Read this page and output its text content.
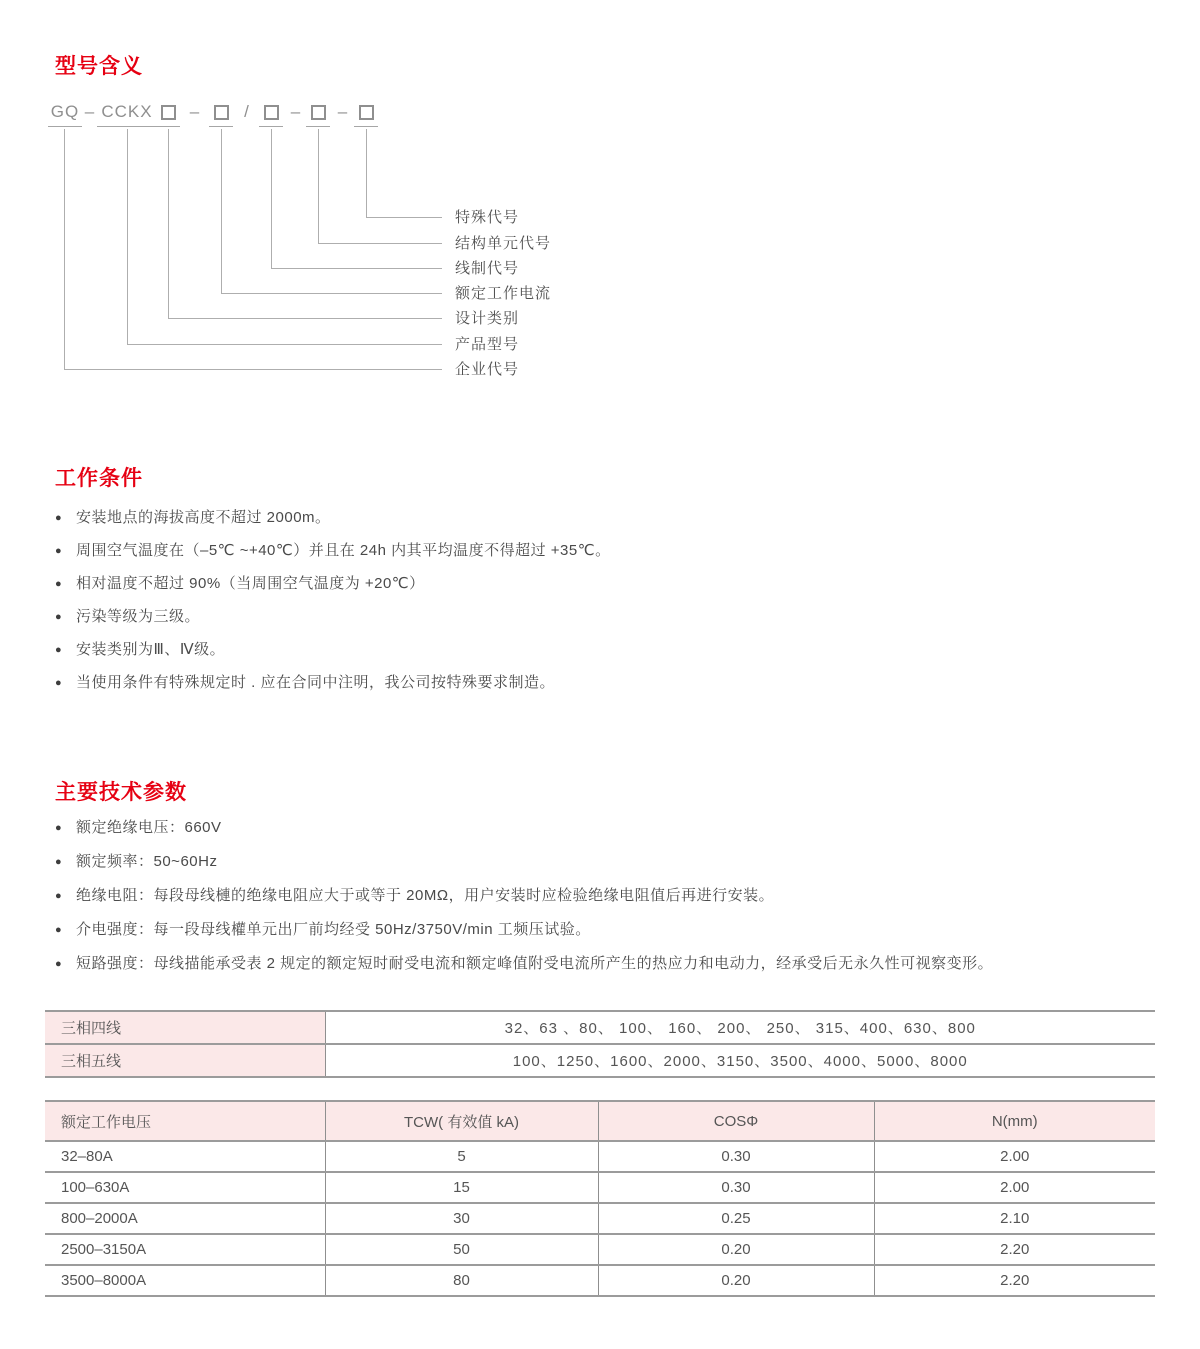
型号含义
GQ – CCKX –	/ – –
特殊代号
结构单元代号
线制代号
额定工作电流
设计类别
产品型号
企业代号
工作条件
● 安装地点的海拔高度不超过 2000m。
● 周围空气温度在（–5℃ ~+40℃）并且在 24h 内其平均温度不得超过 +35℃。
● 相对温度不超过 90%（当周围空气温度为 +20℃）
● 污染等级为三级。
● 安装类别为Ⅲ、Ⅳ级。
● 当使用条件有特殊规定时 . 应在合同中注明，我公司按特殊要求制造。
主要技术参数
● 额定绝缘电压：660V
● 额定频率：50~60Hz
● 绝缘电阻：每段母线槤的绝缘电阻应大于或等于 20MΩ，用户安装时应检验绝缘电阻值后再进行安装。
● 介电强度：每一段母线權单元出厂前均经受 50Hz/3750V/min 工频压试验。
● 短路强度：母线描能承受表 2 规定的额定短时耐受电流和额定峰值附受电流所产生的热应力和电动力，经承受后无永久性可视察变形。
三相四线	32、63 、80、 100、 160、 200、 250、 315、400、630、800
三相五线	100、1250、1600、2000、3150、3500、4000、5000、8000
额定工作电压	TCW( 有效值 kA)	COSΦ	N(mm)
32–80A	5	0.30	2.00
100–630A	15	0.30	2.00
800–2000A	30	0.25	2.10
2500–3150A	50	0.20	2.20
3500–8000A	80	0.20	2.20
